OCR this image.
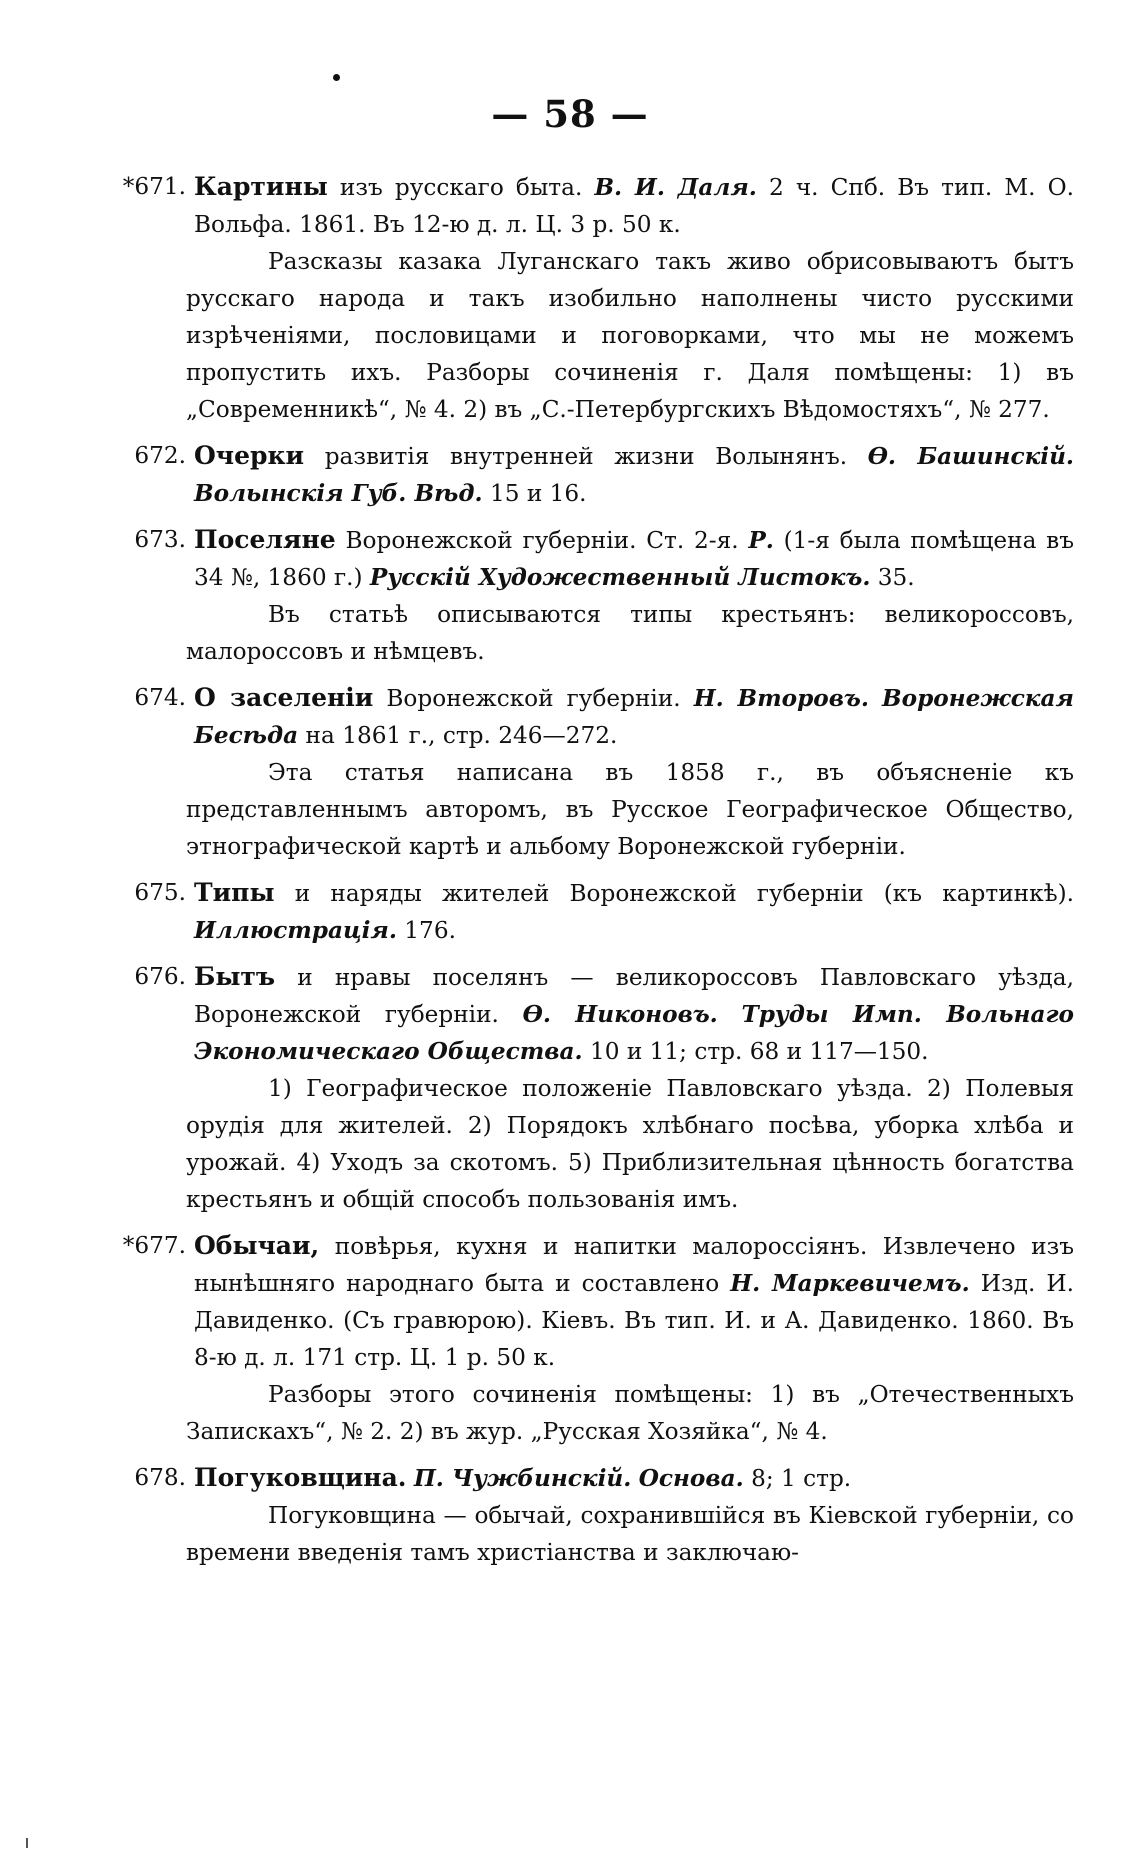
— 58 —
*671. Картины изъ русскаго быта. В. И. Даля. 2 ч. Спб. Въ тип. М. О. Вольфа. 1861. Въ 12-ю д. л. Ц. 3 р. 50 к.
Разсказы казака Луганскаго такъ живо обрисовываютъ бытъ русскаго народа и такъ изобильно наполнены чисто русскими изрѣченіями, пословицами и поговорками, что мы не можемъ пропустить ихъ. Разборы сочиненія г. Даля помѣщены: 1) въ „Современникѣ“, № 4. 2) въ „С.-Петербургскихъ Вѣдомостяхъ“, № 277.
672. Очерки развитія внутренней жизни Волынянъ. Ѳ. Башинскій. Волынскія Губ. Вѣд. 15 и 16.
673. Поселяне Воронежской губерніи. Ст. 2-я. Р. (1-я была помѣщена въ 34 №, 1860 г.) Русскій Художественный Листокъ. 35.
Въ статьѣ описываются типы крестьянъ: великороссовъ, малороссовъ и нѣмцевъ.
674. О заселеніи Воронежской губерніи. Н. Второвъ. Воронежская Бесѣда на 1861 г., стр. 246—272.
Эта статья написана въ 1858 г., въ объясненіе къ представленнымъ авторомъ, въ Русское Географическое Общество, этнографической картѣ и альбому Воронежской губерніи.
675. Типы и наряды жителей Воронежской губерніи (къ картинкѣ). Иллюстрація. 176.
676. Бытъ и нравы поселянъ — великороссовъ Павловскаго уѣзда, Воронежской губерніи. Ѳ. Никоновъ. Труды Имп. Вольнаго Экономическаго Общества. 10 и 11; стр. 68 и 117—150.
1) Географическое положеніе Павловскаго уѣзда. 2) Полевыя орудія для жителей. 2) Порядокъ хлѣбнаго посѣва, уборка хлѣба и урожай. 4) Уходъ за скотомъ. 5) Приблизительная цѣнность богатства крестьянъ и общій способъ пользованія имъ.
*677. Обычаи, повѣрья, кухня и напитки малороссіянъ. Извлечено изъ нынѣшняго народнаго быта и составлено Н. Маркевичемъ. Изд. И. Давиденко. (Съ гравюрою). Кіевъ. Въ тип. И. и А. Давиденко. 1860. Въ 8-ю д. л. 171 стр. Ц. 1 р. 50 к.
Разборы этого сочиненія помѣщены: 1) въ „Отечественныхъ Запискахъ“, № 2. 2) въ жур. „Русская Хозяйка“, № 4.
678. Погуковщина. П. Чужбинскій. Основа. 8; 1 стр.
Погуковщина — обычай, сохранившійся въ Кіевской губерніи, со времени введенія тамъ христіанства и заключаю-
